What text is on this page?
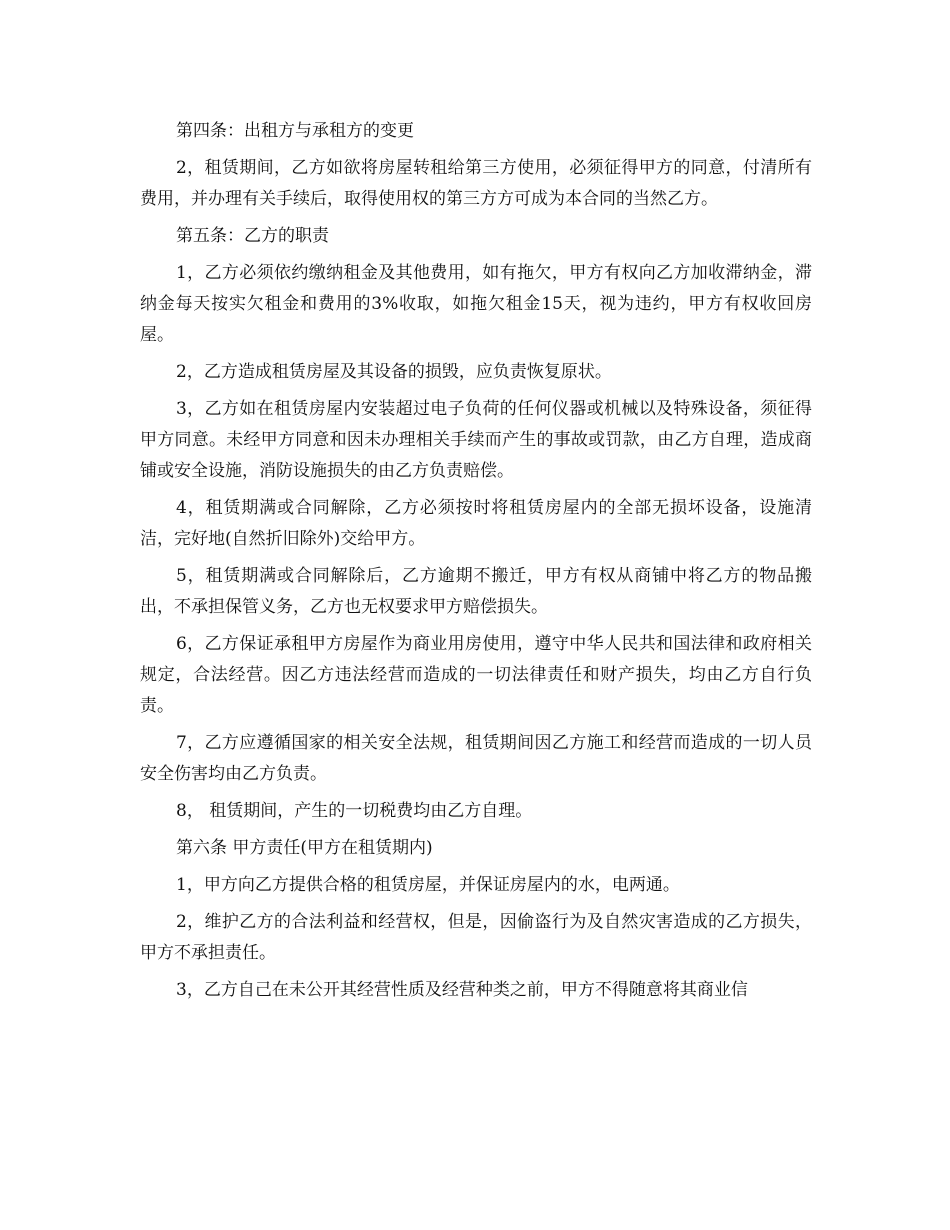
第四条：出租方与承租方的变更

2，租赁期间，乙方如欲将房屋转租给第三方使用，必须征得甲方的同意，付清所有费用，并办理有关手续后，取得使用权的第三方方可成为本合同的当然乙方。

第五条：乙方的职责

1，乙方必须依约缴纳租金及其他费用，如有拖欠，甲方有权向乙方加收滞纳金，滞纳金每天按实欠租金和费用的3%收取，如拖欠租金15天，视为违约，甲方有权收回房屋。

2，乙方造成租赁房屋及其设备的损毁，应负责恢复原状。

3，乙方如在租赁房屋内安装超过电子负荷的任何仪器或机械以及特殊设备，须征得甲方同意。未经甲方同意和因未办理相关手续而产生的事故或罚款，由乙方自理，造成商铺或安全设施，消防设施损失的由乙方负责赔偿。

4，租赁期满或合同解除，乙方必须按时将租赁房屋内的全部无损坏设备，设施清洁，完好地(自然折旧除外)交给甲方。

5，租赁期满或合同解除后，乙方逾期不搬迁，甲方有权从商铺中将乙方的物品搬出，不承担保管义务，乙方也无权要求甲方赔偿损失。

6，乙方保证承租甲方房屋作为商业用房使用，遵守中华人民共和国法律和政府相关规定，合法经营。因乙方违法经营而造成的一切法律责任和财产损失，均由乙方自行负责。

7，乙方应遵循国家的相关安全法规，租赁期间因乙方施工和经营而造成的一切人员安全伤害均由乙方负责。

8， 租赁期间，产生的一切税费均由乙方自理。

第六条 甲方责任(甲方在租赁期内)

1，甲方向乙方提供合格的租赁房屋，并保证房屋内的水，电两通。

2，维护乙方的合法利益和经营权，但是，因偷盗行为及自然灾害造成的乙方损失，甲方不承担责任。

3，乙方自己在未公开其经营性质及经营种类之前，甲方不得随意将其商业信
